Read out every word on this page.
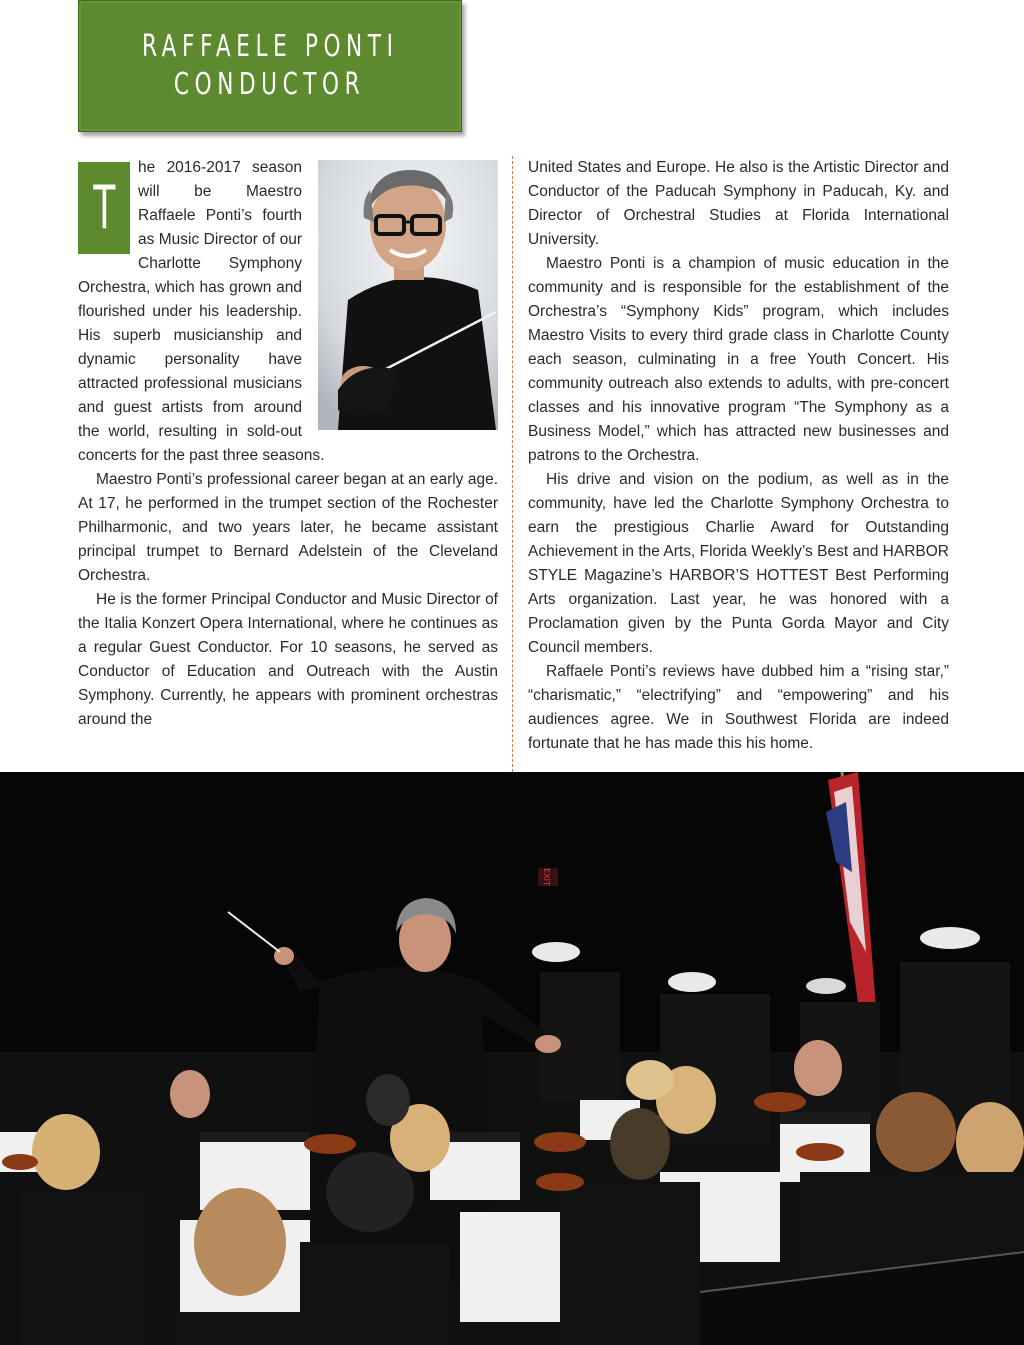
RAFFAELE PONTI
CONDUCTOR

T
he 2016-2017 season will be Maestro Raffaele Ponti’s fourth as Music Director of our Charlotte Symphony Orchestra, which has grown and flourished under his leadership. His superb musicianship and dynamic personality have attracted professional musicians and guest artists from around the world, resulting in sold-out concerts for the past three seasons.

Maestro Ponti’s professional career began at an early age. At 17, he performed in the trumpet section of the Rochester Philharmonic, and two years later, he became assistant principal trumpet to Bernard Adelstein of the Cleveland Orchestra.

He is the former Principal Conductor and Music Director of the Italia Konzert Opera International, where he continues as a regular Guest Conductor. For 10 seasons, he served as Conductor of Education and Outreach with the Austin Symphony. Currently, he appears with prominent orchestras around the

United States and Europe. He also is the Artistic Director and Conductor of the Paducah Symphony in Paducah, Ky. and Director of Orchestral Studies at Florida International University.

Maestro Ponti is a champion of music education in the community and is responsible for the establishment of the Orchestra’s “Symphony Kids” program, which includes Maestro Visits to every third grade class in Charlotte County each season, culminating in a free Youth Concert. His community outreach also extends to adults, with pre-concert classes and his innovative program “The Symphony as a Business Model,” which has attracted new businesses and patrons to the Orchestra.

His drive and vision on the podium, as well as in the community, have led the Charlotte Symphony Orchestra to earn the prestigious Charlie Award for Outstanding Achievement in the Arts, Florida Weekly’s Best and HARBOR STYLE Magazine’s HARBOR’S HOTTEST Best Performing Arts organization. Last year, he was honored with a Proclamation given by the Punta Gorda Mayor and City Council members.

Raffaele Ponti’s reviews have dubbed him a “rising star,” “charismatic,” “electrifying” and “empowering” and his audiences agree. We in Southwest Florida are indeed fortunate that he has made this his home.

EXIT
